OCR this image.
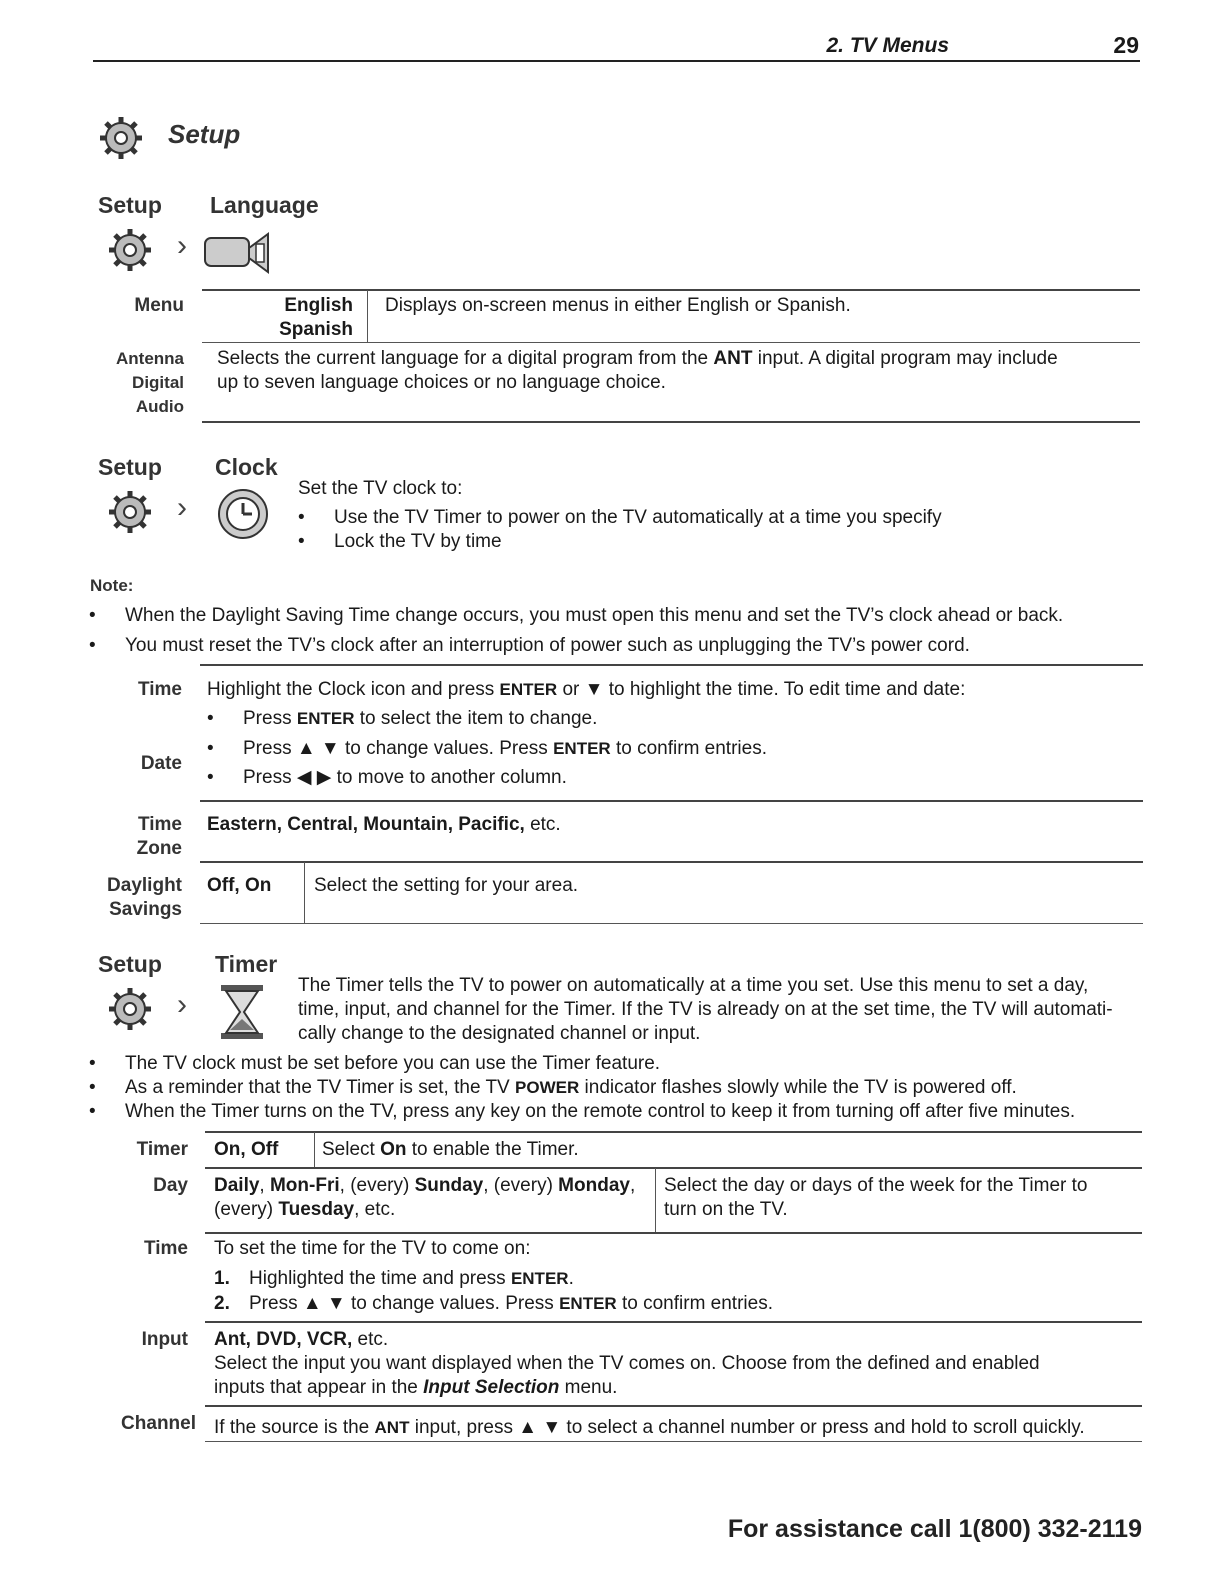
2. TV Menus	29
Setup
Setup Language
›
Menu	English
Spanish
Displays on-screen menus in either English or Spanish.
Antenna
Digital
Audio
Selects the current language for a digital program from the ANT input. A digital program may include
up to seven language choices or no language choice.
Setup Clock
›
Set the TV clock to:
• Use the TV Timer to power on the TV automatically at a time you specify
• Lock the TV by time
Note:
• When the Daylight Saving Time change occurs, you must open this menu and set the TV’s clock ahead or back.
• You must reset the TV’s clock after an interruption of power such as unplugging the TV’s power cord.
Time
Date
Highlight the Clock icon and press ENTER or ▼ to highlight the time. To edit time and date:
• Press ENTER to select the item to change.
• Press ▲ ▼ to change values. Press ENTER to confirm entries.
• Press ◀ ▶ to move to another column.
Time
Zone
Eastern, Central, Mountain, Pacific, etc.
Daylight
Savings
Off, On Select the setting for your area.
Setup Timer
›
The Timer tells the TV to power on automatically at a time you set. Use this menu to set a day,
time, input, and channel for the Timer. If the TV is already on at the set time, the TV will automati-
cally change to the designated channel or input.
• The TV clock must be set before you can use the Timer feature.
• As a reminder that the TV Timer is set, the TV POWER indicator flashes slowly while the TV is powered off.
• When the Timer turns on the TV, press any key on the remote control to keep it from turning off after five minutes.
Timer On, Off Select On to enable the Timer.
Day Daily, Mon-Fri, (every) Sunday, (every) Monday,
(every) Tuesday, etc.
Select the day or days of the week for the Timer to
turn on the TV.
Time To set the time for the TV to come on:
1. Highlighted the time and press ENTER.
2. Press ▲ ▼ to change values. Press ENTER to confirm entries.
Input Ant, DVD, VCR, etc.
Select the input you want displayed when the TV comes on. Choose from the defined and enabled
inputs that appear in the Input Selection menu.
Channel If the source is the ANT input, press ▲ ▼ to select a channel number or press and hold to scroll quickly.
For assistance call 1(800) 332-2119
